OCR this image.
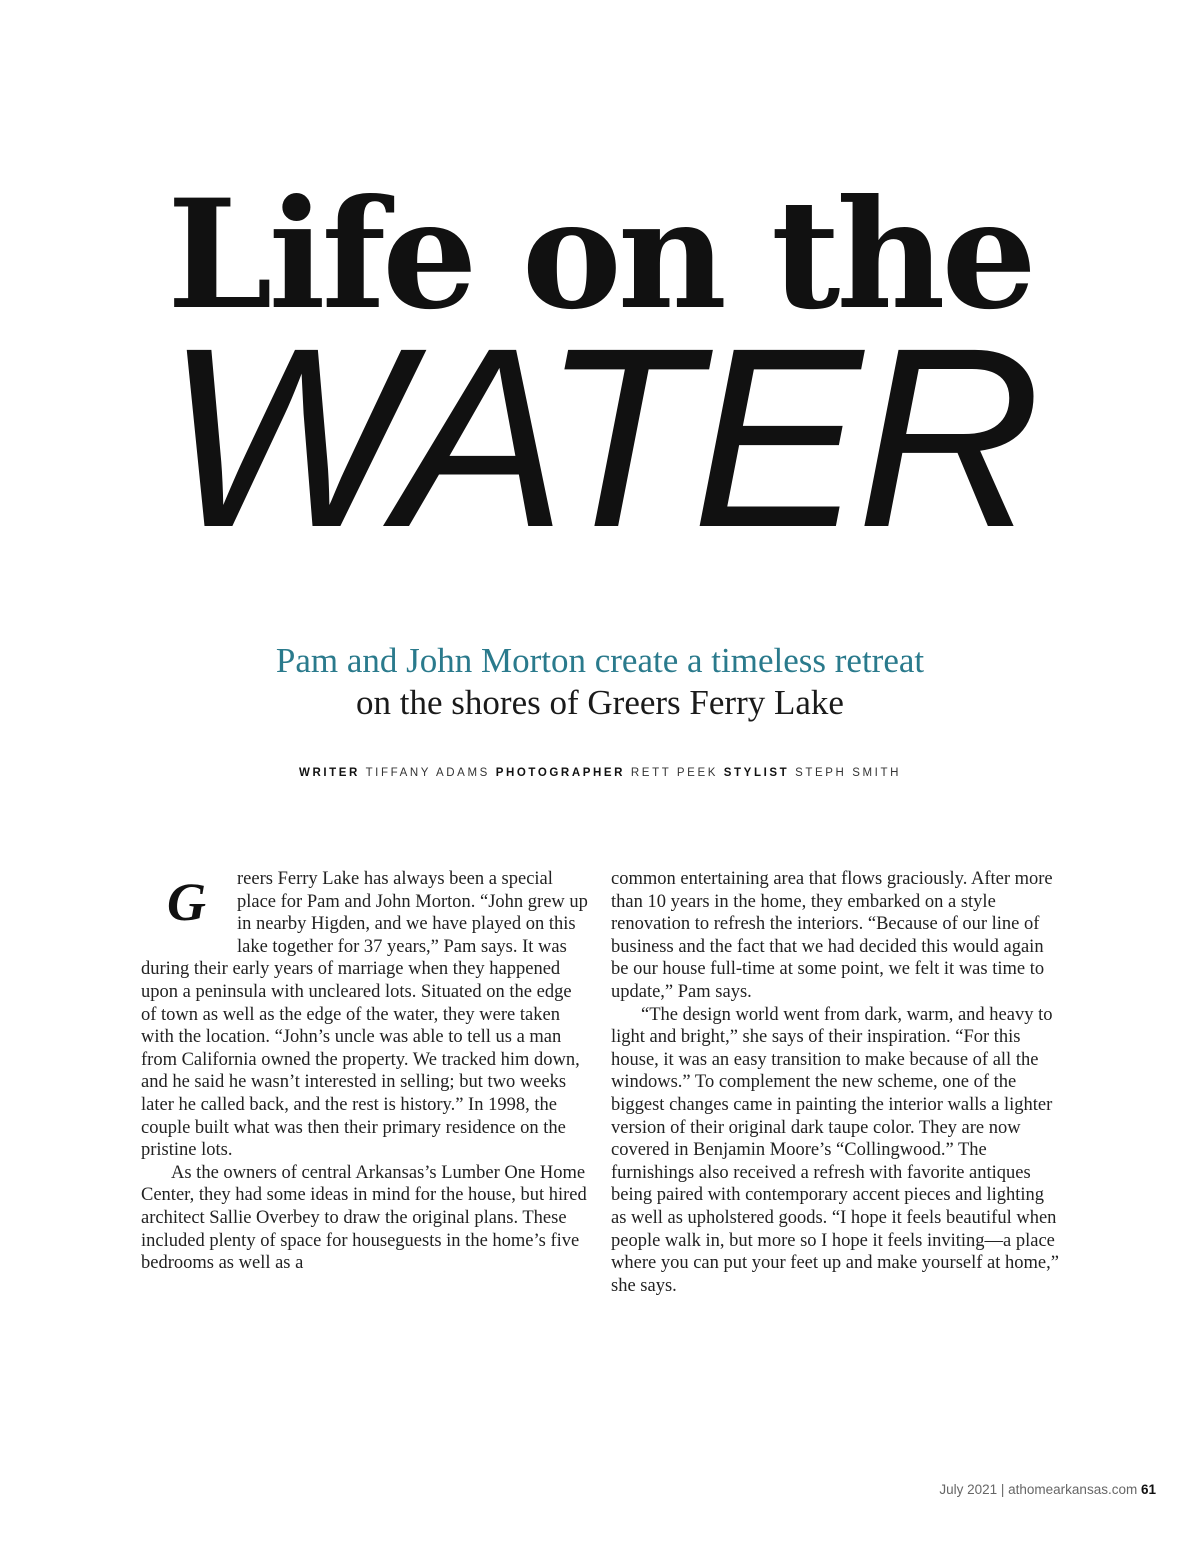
Life on the
WATER
Pam and John Morton create a timeless retreat
on the shores of Greers Ferry Lake
WRITER TIFFANY ADAMS PHOTOGRAPHER RETT PEEK STYLIST STEPH SMITH
G	reers Ferry Lake has always been a special place for Pam and John Morton. “John grew up in nearby Higden, and we have played on this lake together for 37 years,” Pam says. It was during their early years of marriage when they happened upon a peninsula with uncleared lots. Situated on the edge of town as well as the edge of the water, they were taken with the location. “John’s uncle was able to tell us a man from California owned the property. We tracked him down, and he said he wasn’t interested in selling; but two weeks later he called back, and the rest is history.” In 1998, the couple built what was then their primary residence on the pristine lots.

As the owners of central Arkansas’s Lumber One Home Center, they had some ideas in mind for the house, but hired architect Sallie Overbey to draw the original plans. These included plenty of space for houseguests in the home’s five bedrooms as well as a

common entertaining area that flows graciously. After more than 10 years in the home, they embarked on a style renovation to refresh the interiors. “Because of our line of business and the fact that we had decided this would again be our house full-time at some point, we felt it was time to update,” Pam says.

“The design world went from dark, warm, and heavy to light and bright,” she says of their inspiration. “For this house, it was an easy transition to make because of all the windows.” To complement the new scheme, one of the biggest changes came in painting the interior walls a lighter version of their original dark taupe color. They are now covered in Benjamin Moore’s “Collingwood.” The furnishings also received a refresh with favorite antiques being paired with contemporary accent pieces and lighting as well as upholstered goods. “I hope it feels beautiful when people walk in, but more so I hope it feels inviting—a place where you can put your feet up and make yourself at home,” she says.

July 2021 | athomearkansas.com 61
